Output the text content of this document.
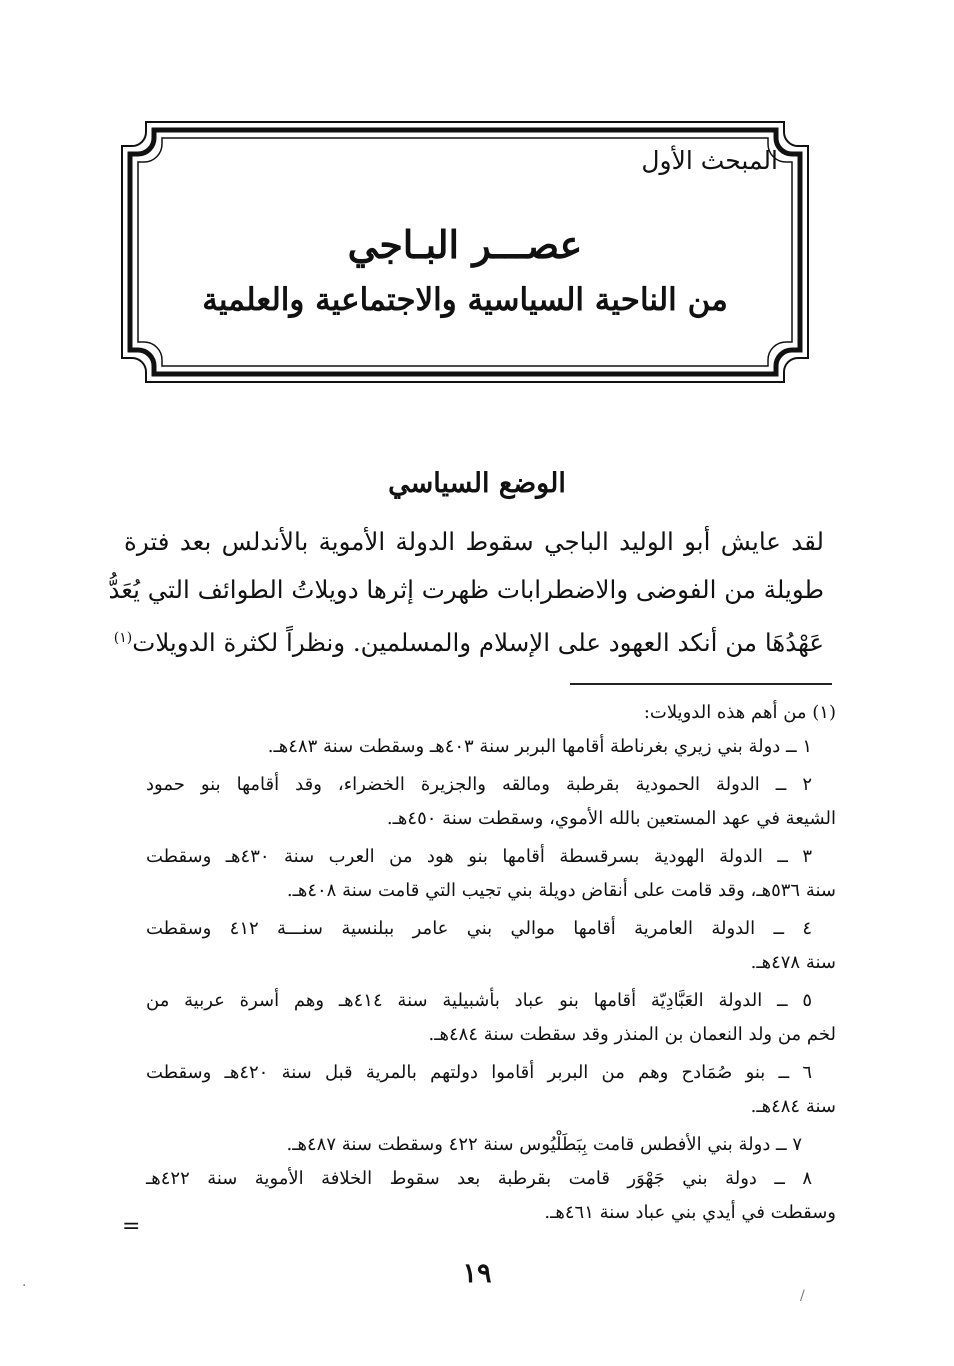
المبحث الأول
عصـــر البـاجي
من الناحية السياسية والاجتماعية والعلمية
الوضع السياسي
لقد عايش أبو الوليد الباجي سقوط الدولة الأموية بالأندلس بعد فترة
طويلة من الفوضى والاضطرابات ظهرت إثرها دويلاتُ الطوائف التي يُعَدُّ
عَهْدُهَا من أنكد العهود على الإسلام والمسلمين. ونظراً لكثرة الدويلات$^{(١)}$
(١) من أهم هذه الدويلات:
١ ــ دولة بني زيري بغرناطة أقامها البربر سنة ٤٠٣هـ وسقطت سنة ٤٨٣هـ.
٢ ــ الدولة الحمودية بقرطبة ومالقه والجزيرة الخضراء، وقد أقامها بنو حمود
الشيعة في عهد المستعين بالله الأموي، وسقطت سنة ٤٥٠هـ.
٣ ــ الدولة الهودية بسرقسطة أقامها بنو هود من العرب سنة ٤٣٠هـ وسقطت
سنة ٥٣٦هـ، وقد قامت على أنقاض دويلة بني تجيب التي قامت سنة ٤٠٨هـ.
٤ ــ الدولة العامرية أقامها موالي بني عامر ببلنسية سنـــة ٤١٢ وسقطت
سنة ٤٧٨هـ.
٥ ــ الدولة العَبَّادِيّة أقامها بنو عباد بأشبيلية سنة ٤١٤هـ وهم أسرة عربية من
لخم من ولد النعمان بن المنذر وقد سقطت سنة ٤٨٤هـ.
٦ ــ بنو صُمَادح وهم من البربر أقاموا دولتهم بالمرية قبل سنة ٤٢٠هـ وسقطت
سنة ٤٨٤هـ.
٧ ــ دولة بني الأفطس قامت بِبَطَلْيُوس سنة ٤٢٢ وسقطت سنة ٤٨٧هـ.
٨ ــ دولة بني جَهْوَر قامت بقرطبة بعد سقوط الخلافة الأموية سنة ٤٢٢هـ
وسقطت في أيدي بني عباد سنة ٤٦١هـ.
=
١٩
·
/
